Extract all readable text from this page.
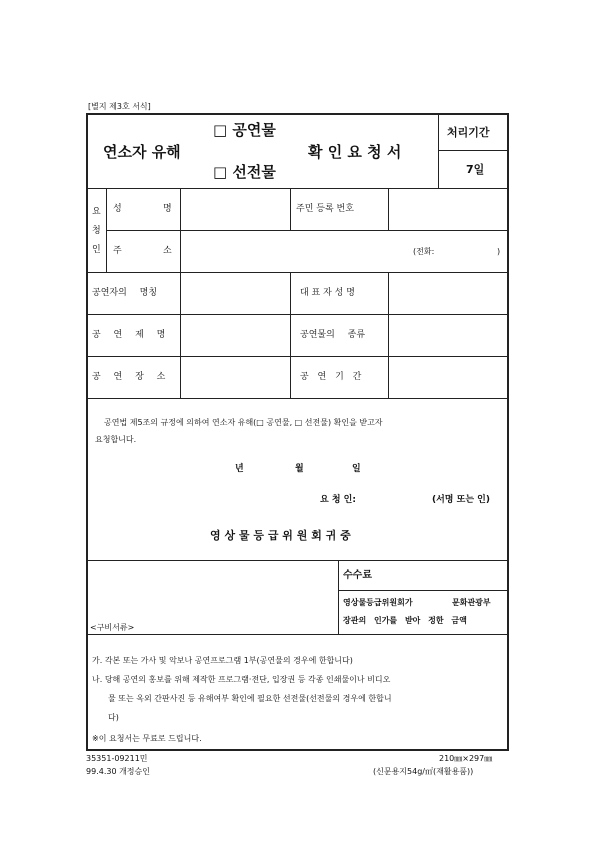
[별지 제3호 서식]
연소자 유해
□ 공연물
□ 선전물
확 인 요 청 서
처리기간
7일
요
청
인
성	명	주민 등록 번호
주	소	(전화:	)
공연자의 명칭	대 표 자 성 명
공 연 제 명	공연물의 종류
공 연 장 소	공 연 기 간
공연법 제5조의 규정에 의하여 연소자 유해(□ 공연물, □ 선전물) 확인을 받고자
요청합니다.
년	월	일
요 청 인:	(서명 또는 인)
영 상 물 등 급 위 원 회 귀 중
수수료
영상물등급위원회가	문화관광부
장관의 인가를 받아 정한 금액
<구비서류>
가. 각본 또는 가사 및 악보나 공연프로그램 1부(공연물의 경우에 한합니다)
나. 당해 공연의 홍보를 위해 제작한 프로그램·전단, 입장권 등 각종 인쇄물이나 비디오
물 또는 옥외 간판사진 등 유해여부 확인에 필요한 선전물(선전물의 경우에 한합니
다)
※이 요청서는 무료로 드립니다.
35351-09211민
99.4.30 개정승인
210㎜×297㎜
(신문용지54g/㎡(재활용품))
